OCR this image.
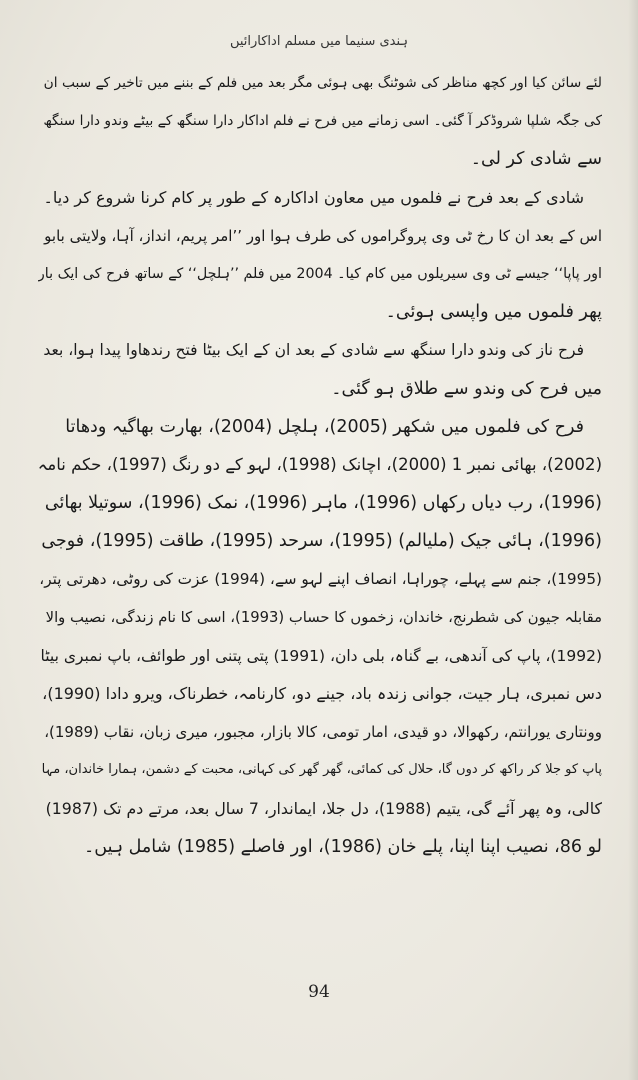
ہندی سنیما میں مسلم اداکارائیں
لئے سائن کیا اور کچھ مناظر کی شوٹنگ بھی ہوئی مگر بعد میں فلم کے بننے میں تاخیر کے سبب ان
کی جگہ شلپا شروڈکر آ گئی۔ اسی زمانے میں فرح نے فلم اداکار دارا سنگھ کے بیٹے وندو دارا سنگھ
سے شادی کر لی۔
شادی کے بعد فرح نے فلموں میں معاون اداکارہ کے طور پر کام کرنا شروع کر دیا۔
اس کے بعد ان کا رخ ٹی وی پروگراموں کی طرف ہوا اور ’’امر پریم، انداز، آہا، ولایتی بابو
اور پاپا‘‘ جیسے ٹی وی سیریلوں میں کام کیا۔ 2004 میں فلم ’’ہلچل‘‘ کے ساتھ فرح کی ایک بار
پھر فلموں میں واپسی ہوئی۔
فرح ناز کی وندو دارا سنگھ سے شادی کے بعد ان کے ایک بیٹا فتح رندھاوا پیدا ہوا، بعد
میں فرح کی وندو سے طلاق ہو گئی۔
فرح کی فلموں میں شکھر (2005)، ہلچل (2004)، بھارت بھاگیہ ودھاتا
(2002)، بھائی نمبر 1 (2000)، اچانک (1998)، لہو کے دو رنگ (1997)، حکم نامہ
(1996)، رب دیاں رکھاں (1996)، ماہر (1996)، نمک (1996)، سوتیلا بھائی
(1996)، ہائی جیک (ملیالم) (1995)، سرحد (1995)، طاقت (1995)، فوجی
(1995)، جنم سے پہلے، چوراہا، انصاف اپنے لہو سے، (1994) عزت کی روٹی، دھرتی پتر،
مقابلہ جیون کی شطرنج، خاندان، زخموں کا حساب (1993)، اسی کا نام زندگی، نصیب والا
(1992)، پاپ کی آندھی، بے گناہ، بلی دان، (1991) پتی پتنی اور طوائف، باپ نمبری بیٹا
دس نمبری، ہار جیت، جوانی زندہ باد، جینے دو، کارنامہ، خطرناک، ویرو دادا (1990)،
وونتاری یورانتم، رکھوالا، دو قیدی، امار تومی، کالا بازار، مجبور، میری زبان، نقاب (1989)،
پاپ کو جلا کر راکھ کر دوں گا، حلال کی کمائی، گھر گھر کی کہانی، محبت کے دشمن، ہمارا خاندان، مہا
کالی، وہ پھر آئے گی، یتیم (1988)، دل جلا، ایماندار، 7 سال بعد، مرتے دم تک (1987)
لو 86، نصیب اپنا اپنا، پلے خان (1986)، اور فاصلے (1985) شامل ہیں۔
94
